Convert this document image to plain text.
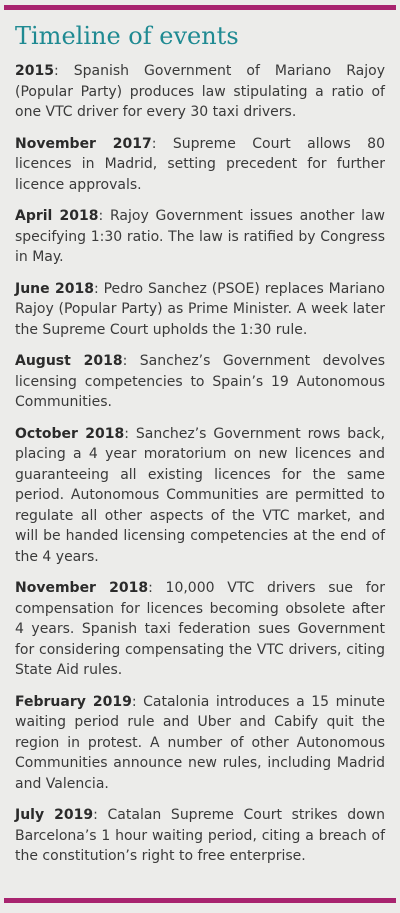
Timeline of events

2015: Spanish Government of Mariano Rajoy (Popular Party) produces law stipulating a ratio of one VTC driver for every 30 taxi drivers.

November 2017: Supreme Court allows 80 licences in Madrid, setting precedent for further licence approvals.

April 2018: Rajoy Government issues another law specifying 1:30 ratio. The law is ratified by Congress in May.

June 2018: Pedro Sanchez (PSOE) replaces Mariano Rajoy (Popular Party) as Prime Minister. A week later the Supreme Court upholds the 1:30 rule.

August 2018: Sanchez’s Government devolves licensing competencies to Spain’s 19 Autonomous Communities.

October 2018: Sanchez’s Government rows back, placing a 4 year moratorium on new licences and guaranteeing all existing licences for the same period. Autonomous Communities are permitted to regulate all other aspects of the VTC market, and will be handed licensing competencies at the end of the 4 years.

November 2018: 10,000 VTC drivers sue for compensation for licences becoming obsolete after 4 years. Spanish taxi federation sues Government for considering compensating the VTC drivers, citing State Aid rules.

February 2019: Catalonia introduces a 15 minute waiting period rule and Uber and Cabify quit the region in protest. A number of other Autonomous Communities announce new rules, including Madrid and Valencia.

July 2019: Catalan Supreme Court strikes down Barcelona’s 1 hour waiting period, citing a breach of the constitution’s right to free enterprise.
